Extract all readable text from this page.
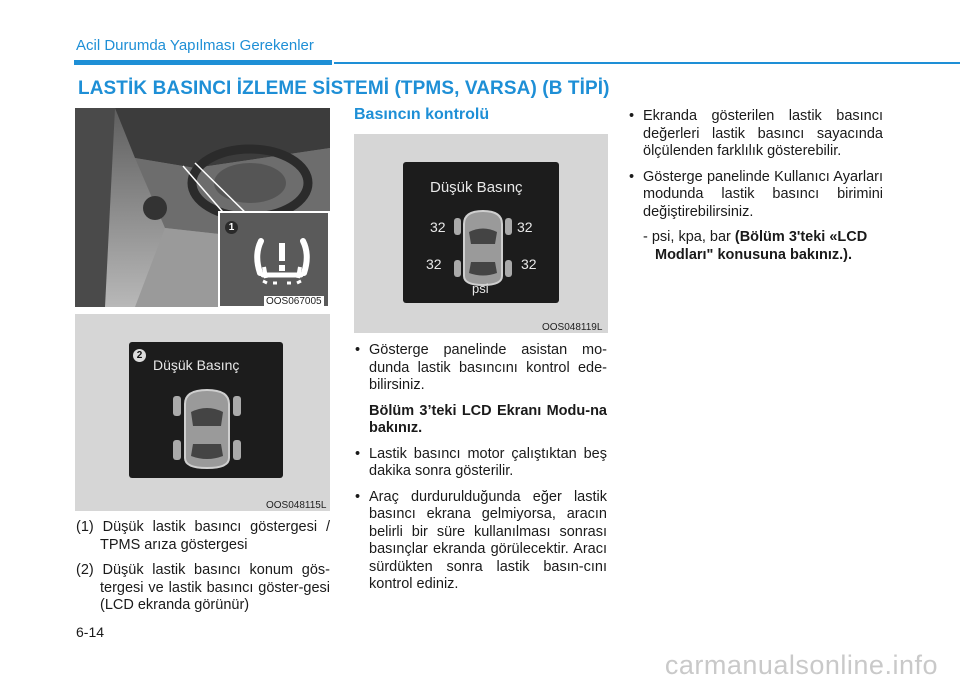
Acil Durumda Yapılması Gerekenler
LASTİK BASINCI İZLEME SİSTEMİ (TPMS, VARSA) (B TİPİ)
1
OOS067005
2
Düşük Basınç
OOS048115L
Düşük Basınç
32	32
32	32
psi
OOS048119L
(1) Düşük lastik basıncı göstergesi / TPMS arıza göstergesi
(2) Düşük lastik basıncı konum gös-tergesi ve lastik basıncı göster-gesi (LCD ekranda görünür)
Basıncın kontrolü
• Gösterge panelinde asistan mo-dunda lastik basıncını kontrol ede-bilirsiniz.
Bölüm 3’teki LCD Ekranı Modu-na bakınız.
• Lastik basıncı motor çalıştıktan beş dakika sonra gösterilir.
• Araç durdurulduğunda eğer lastik basıncı ekrana gelmiyorsa, aracın belirli bir süre kullanılması sonrası basınçlar ekranda görülecektir. Aracı sürdükten sonra lastik basın-cını kontrol ediniz.
• Ekranda gösterilen lastik basıncı değerleri lastik basıncı sayacında ölçülenden farklılık gösterebilir.
• Gösterge panelinde Kullanıcı Ayarları modunda lastik basıncı birimini değiştirebilirsiniz.
- psi, kpa, bar (Bölüm 3'teki «LCD Modları" konusuna bakınız.).
6-14
carmanualsonline.info
